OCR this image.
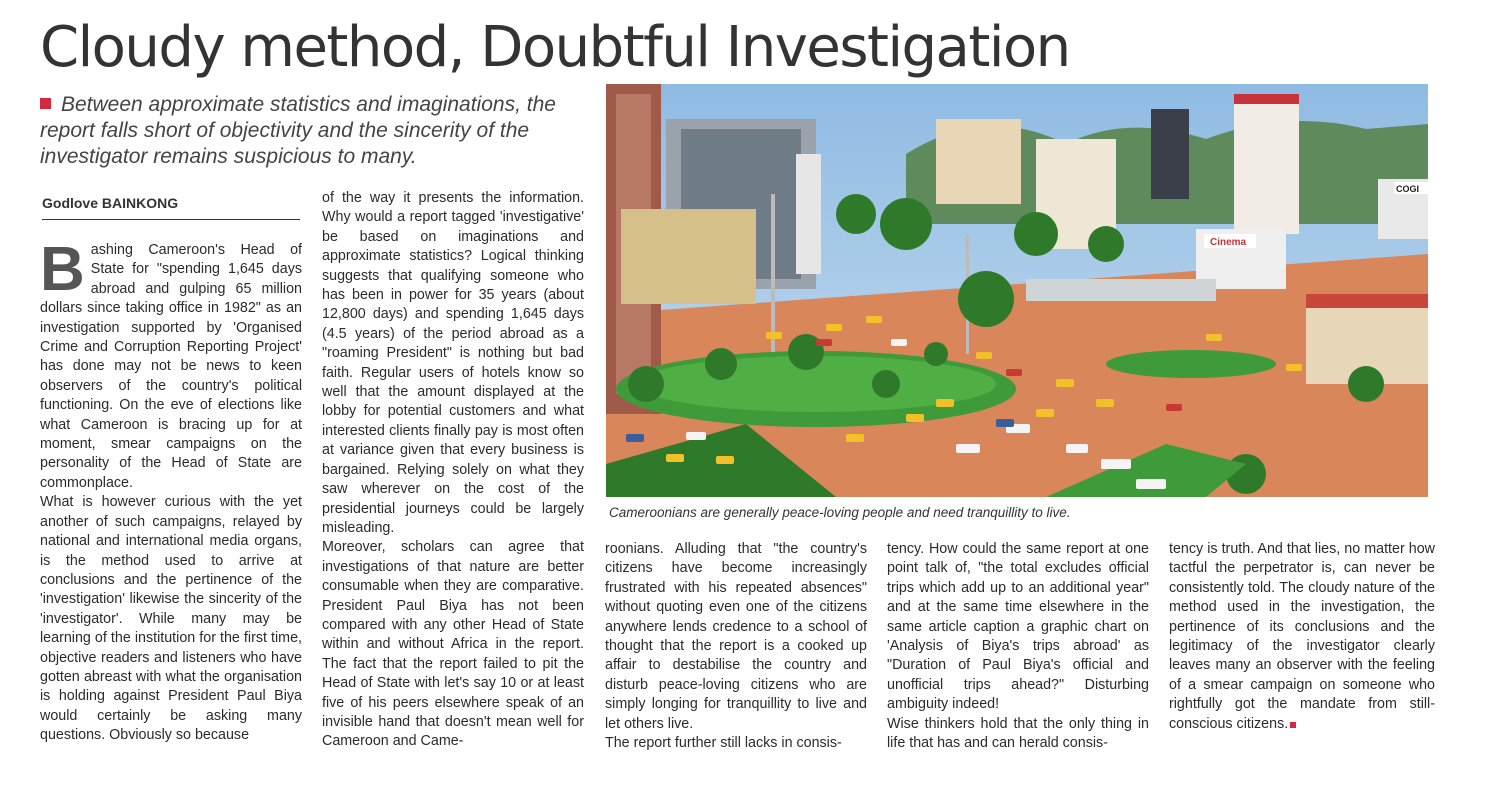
Cloudy method, Doubtful Investigation
Between approximate statistics and imaginations, the report falls short of objectivity and the sincerity of the investigator remains suspicious to many.
Godlove BAINKONG

Bashing Cameroon's Head of State for "spending 1,645 days abroad and gulping 65 million dollars since taking office in 1982" as an investigation supported by 'Organised Crime and Corruption Reporting Project' has done may not be news to keen observers of the country's political functioning. On the eve of elections like what Cameroon is bracing up for at moment, smear campaigns on the personality of the Head of State are commonplace.

What is however curious with the yet another of such campaigns, relayed by national and international media organs, is the method used to arrive at conclusions and the pertinence of the 'investigation' likewise the sincerity of the 'investigator'. While many may be learning of the institution for the first time, objective readers and listeners who have gotten abreast with what the organisation is holding against President Paul Biya would certainly be asking many questions. Obviously so because

of the way it presents the information. Why would a report tagged 'investigative' be based on imaginations and approximate statistics? Logical thinking suggests that qualifying someone who has been in power for 35 years (about 12,800 days) and spending 1,645 days (4.5 years) of the period abroad as a "roaming President" is nothing but bad faith. Regular users of hotels know so well that the amount displayed at the lobby for potential customers and what interested clients finally pay is most often at variance given that every business is bargained. Relying solely on what they saw wherever on the cost of the presidential journeys could be largely misleading.

Moreover, scholars can agree that investigations of that nature are better consumable when they are comparative. President Paul Biya has not been compared with any other Head of State within and without Africa in the report. The fact that the report failed to pit the Head of State with let's say 10 or at least five of his peers elsewhere speak of an invisible hand that doesn't mean well for Cameroon and Came-

COGI
Cinema
Cameroonians are generally peace-loving people and need tranquillity to live.

roonians. Alluding that "the country's citizens have become increasingly frustrated with his repeated absences" without quoting even one of the citizens anywhere lends credence to a school of thought that the report is a cooked up affair to destabilise the country and disturb peace-loving citizens who are simply longing for tranquillity to live and let others live.

The report further still lacks in consis-

tency. How could the same report at one point talk of, "the total excludes official trips which add up to an additional year" and at the same time elsewhere in the same article caption a graphic chart on 'Analysis of Biya's trips abroad' as "Duration of Paul Biya's official and unofficial trips ahead?" Disturbing ambiguity indeed!

Wise thinkers hold that the only thing in life that has and can herald consis-

tency is truth. And that lies, no matter how tactful the perpetrator is, can never be consistently told. The cloudy nature of the method used in the investigation, the pertinence of its conclusions and the legitimacy of the investigator clearly leaves many an observer with the feeling of a smear campaign on someone who rightfully got the mandate from still-conscious citizens.
